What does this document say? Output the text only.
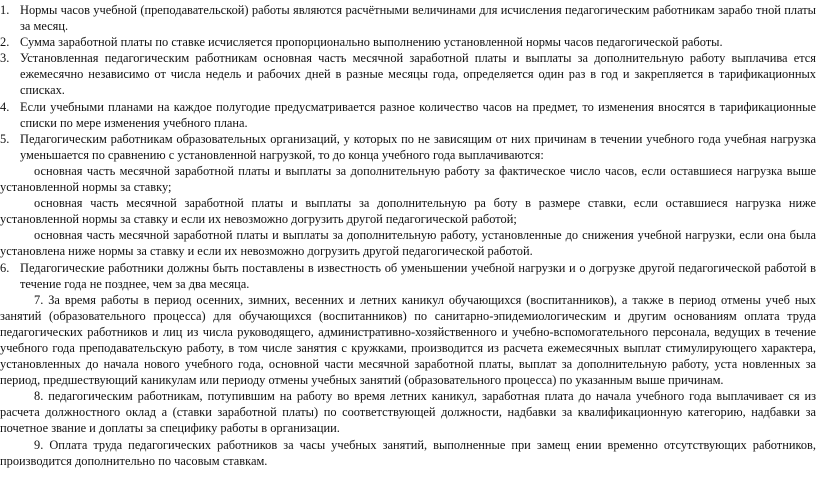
1. Нормы часов учебной (преподавательской) работы являются расчётными величинами для исчисления педагогическим работникам зарабо тной платы за месяц.
2. Сумма заработной платы по ставке исчисляется пропорционально выполнению установленной нормы часов педагогической работы.
3. Установленная педагогическим работникам основная часть месячной заработной платы и выплаты за дополнительную работу выплачива ется ежемесячно независимо от числа недель и рабочих дней в разные месяцы года, определяется один раз в год и закрепляется в тарификационных списках.
4. Если учебными планами на каждое полугодие предусматривается разное количество часов на предмет, то изменения вносятся в тарификационные списки по мере изменения учебного плана.
5. Педагогическим работникам образовательных организаций, у которых по не зависящим от них причинам в течении учебного года учебная нагрузка уменьшается по сравнению с установленной нагрузкой, то до конца учебного года выплачиваются:
основная часть месячной заработной платы и выплаты за дополнительную работу за фактическое число часов, если оставшиеся нагрузка выше установленной нормы за ставку;
основная часть месячной заработной платы и выплаты за дополнительную ра боту в размере ставки, если оставшиеся нагрузка ниже установленной нормы за ставку и если их невозможно догрузить другой педагогической работой;
основная часть месячной заработной платы и выплаты за дополнительную работу, установленные до снижения учебной нагрузки, если она была установлена ниже нормы за ставку и если их невозможно догрузить другой педагогической работой.
6. Педагогические работники должны быть поставлены в известность об уменьшении учебной нагрузки и о догрузке другой педагогической работой в течение года не позднее, чем за два месяца.
7. За время работы в период осенних, зимних, весенних и летних каникул обучающихся (воспитанников), а также в период отмены учеб ных занятий (образовательного процесса) для обучающихся (воспитанников) по санитарно-эпидемиологическим и другим основаниям оплата труда педагогических работников и лиц из числа руководящего, административно-хозяйственного и учебно-вспомогательного персонала, ведущих в течение учебного года преподавательскую работу, в том числе занятия с кружками, производится из расчета ежемесячных выплат стимулирующего характера, установленных до начала нового учебного года, основной части месячной заработной платы, выплат за дополнительную работу, уста новленных за период, предшествующий каникулам или периоду отмены учебных занятий (образовательного процесса) по указанным выше причинам.
8. педагогическим работникам, потупившим на работу во время летних каникул, заработная плата до начала учебного года выплачивает ся из расчета должностного оклад а (ставки заработной платы) по соответствующей должности, надбавки за квалификационную категорию, надбавки за почетное звание и доплаты за специфику работы в организации.
9. Оплата труда педагогических работников за часы учебных занятий, выполненные при замещ ении временно отсутствующих работников, производится дополнительно по часовым ставкам.
